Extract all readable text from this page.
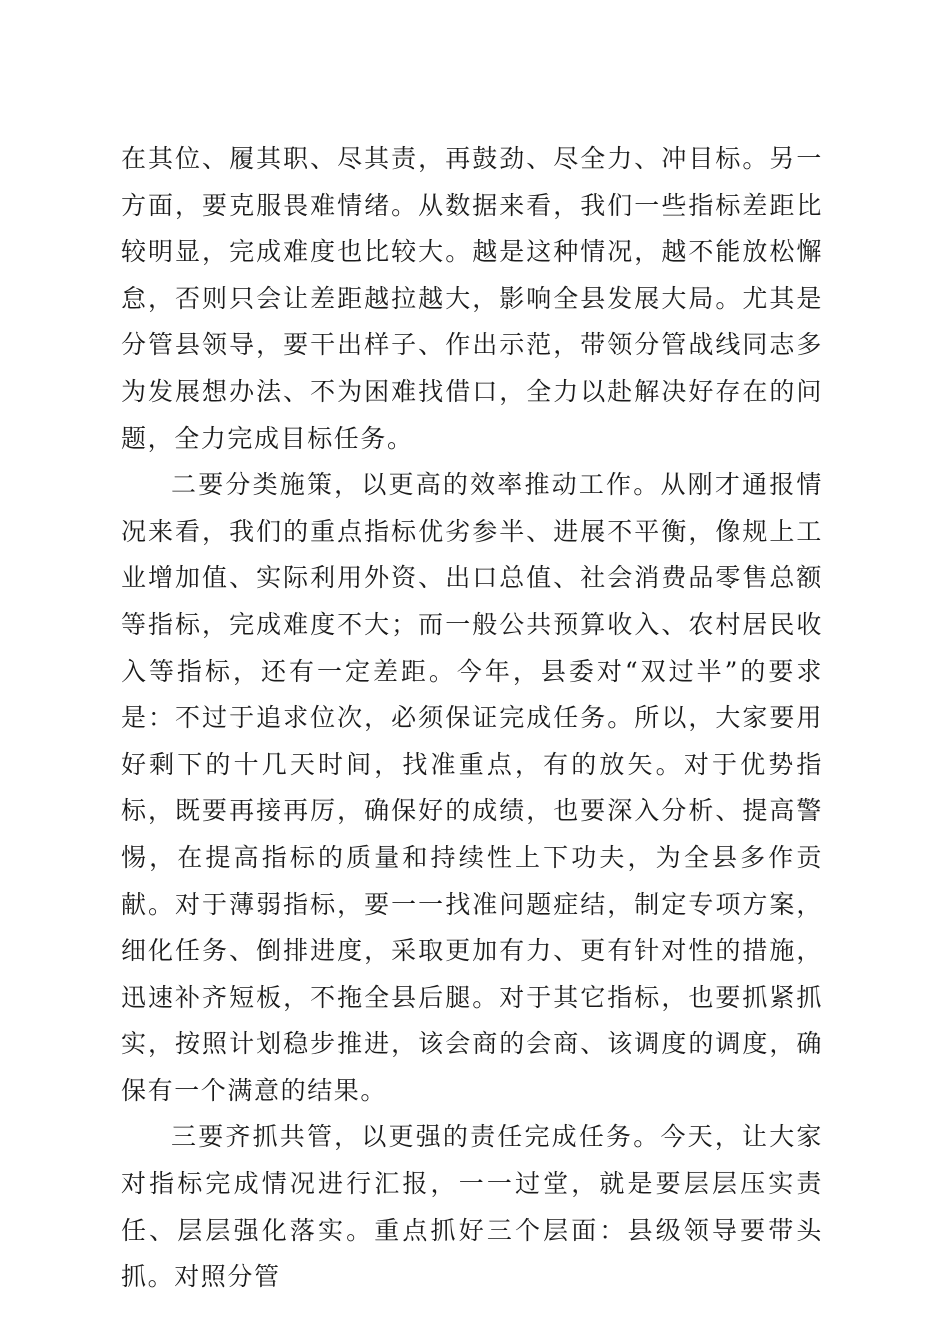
在其位、履其职、尽其责，再鼓劲、尽全力、冲目标。另一方面，要克服畏难情绪。从数据来看，我们一些指标差距比较明显，完成难度也比较大。越是这种情况，越不能放松懈怠，否则只会让差距越拉越大，影响全县发展大局。尤其是分管县领导，要干出样子、作出示范，带领分管战线同志多为发展想办法、不为困难找借口，全力以赴解决好存在的问题，全力完成目标任务。

二要分类施策，以更高的效率推动工作。从刚才通报情况来看，我们的重点指标优劣参半、进展不平衡，像规上工业增加值、实际利用外资、出口总值、社会消费品零售总额等指标，完成难度不大；而一般公共预算收入、农村居民收入等指标，还有一定差距。今年，县委对“双过半”的要求是：不过于追求位次，必须保证完成任务。所以，大家要用好剩下的十几天时间，找准重点，有的放矢。对于优势指标，既要再接再厉，确保好的成绩，也要深入分析、提高警惕，在提高指标的质量和持续性上下功夫，为全县多作贡献。对于薄弱指标，要一一找准问题症结，制定专项方案，细化任务、倒排进度，采取更加有力、更有针对性的措施，迅速补齐短板，不拖全县后腿。对于其它指标，也要抓紧抓实，按照计划稳步推进，该会商的会商、该调度的调度，确保有一个满意的结果。

三要齐抓共管，以更强的责任完成任务。今天，让大家对指标完成情况进行汇报，一一过堂，就是要层层压实责任、层层强化落实。重点抓好三个层面：县级领导要带头抓。对照分管
